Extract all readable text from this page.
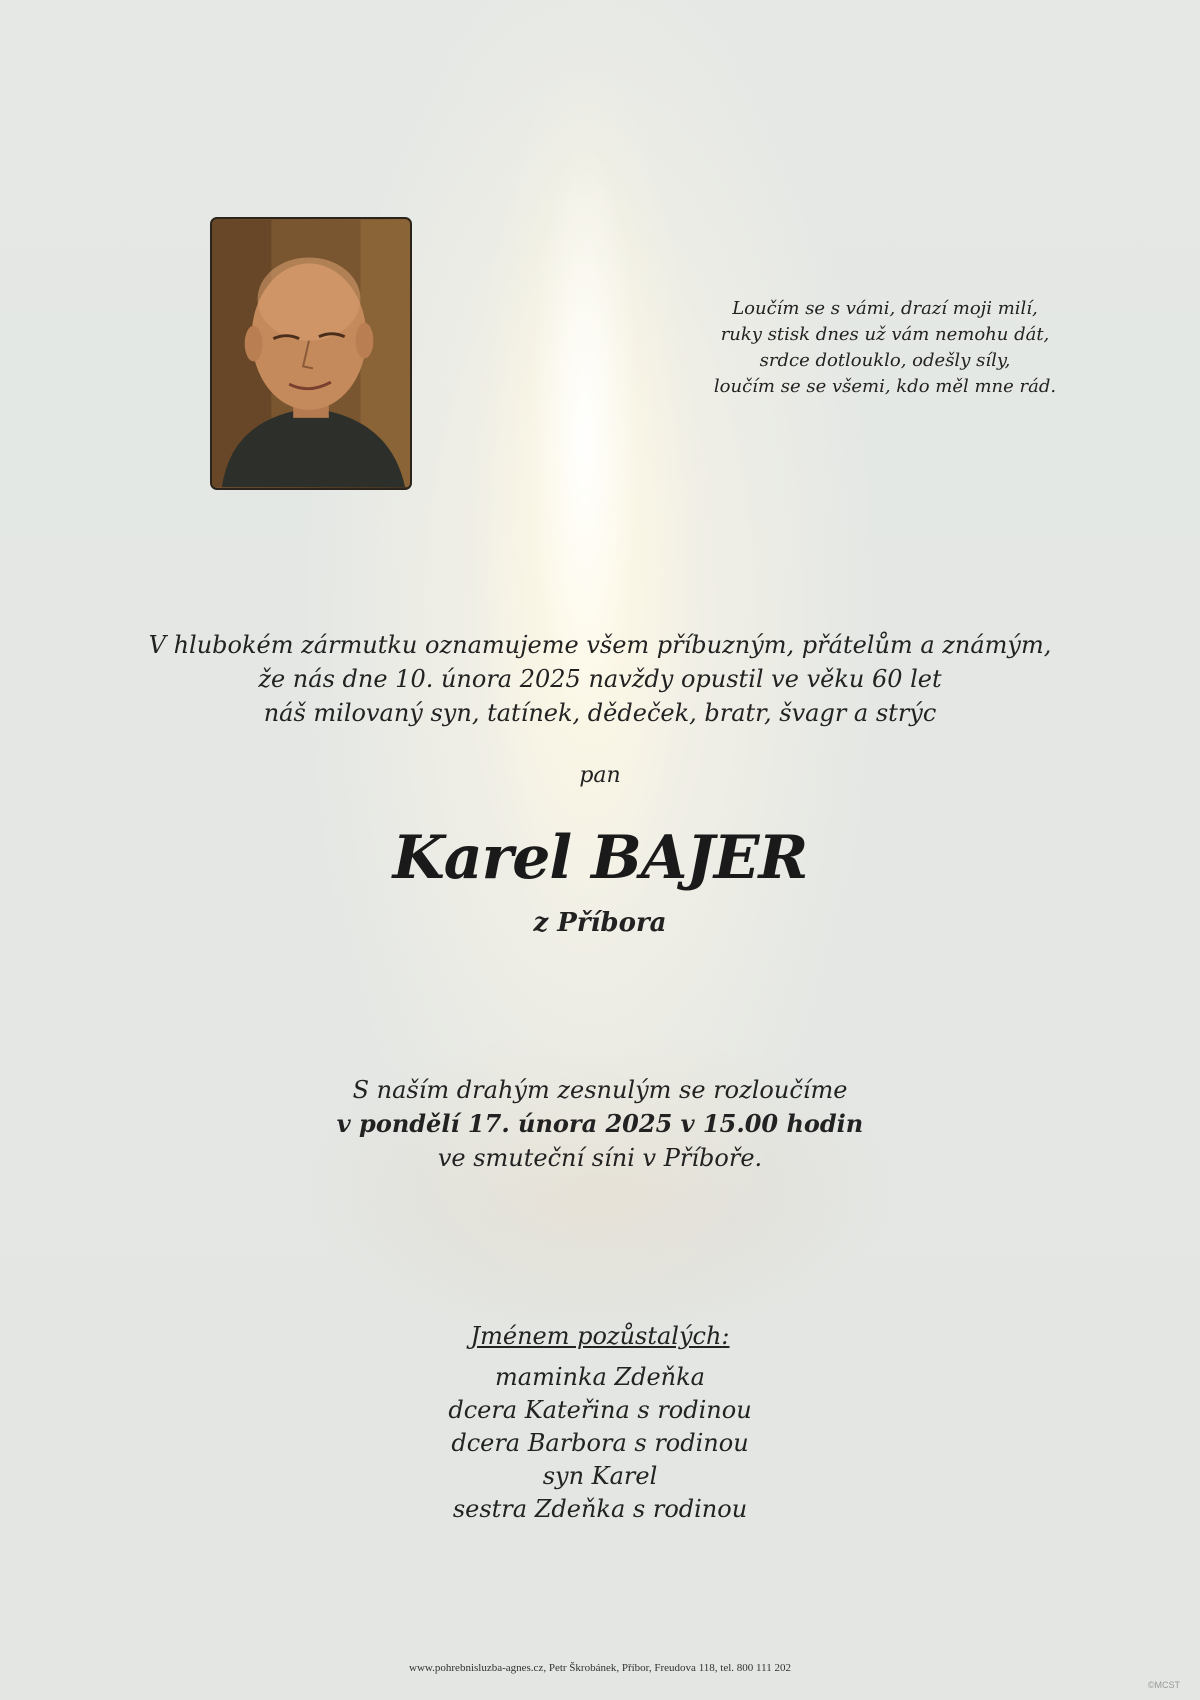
Loučím se s vámi, drazí moji milí,
ruky stisk dnes už vám nemohu dát,
srdce dotlouklo, odešly síly,
loučím se se všemi, kdo měl mne rád.
V hlubokém zármutku oznamujeme všem příbuzným, přátelům a známým,
že nás dne 10. února 2025 navždy opustil ve věku 60 let
náš milovaný syn, tatínek, dědeček, bratr, švagr a strýc
pan
Karel BAJER
z Příbora
S naším drahým zesnulým se rozloučíme
v pondělí 17. února 2025 v 15.00 hodin
ve smuteční síni v Příboře.
Jménem pozůstalých:
maminka Zdeňka
dcera Kateřina s rodinou
dcera Barbora s rodinou
syn Karel
sestra Zdeňka s rodinou
www.pohrebnisluzba-agnes.cz, Petr Škrobánek, Příbor, Freudova 118, tel. 800 111 202
©MCST
